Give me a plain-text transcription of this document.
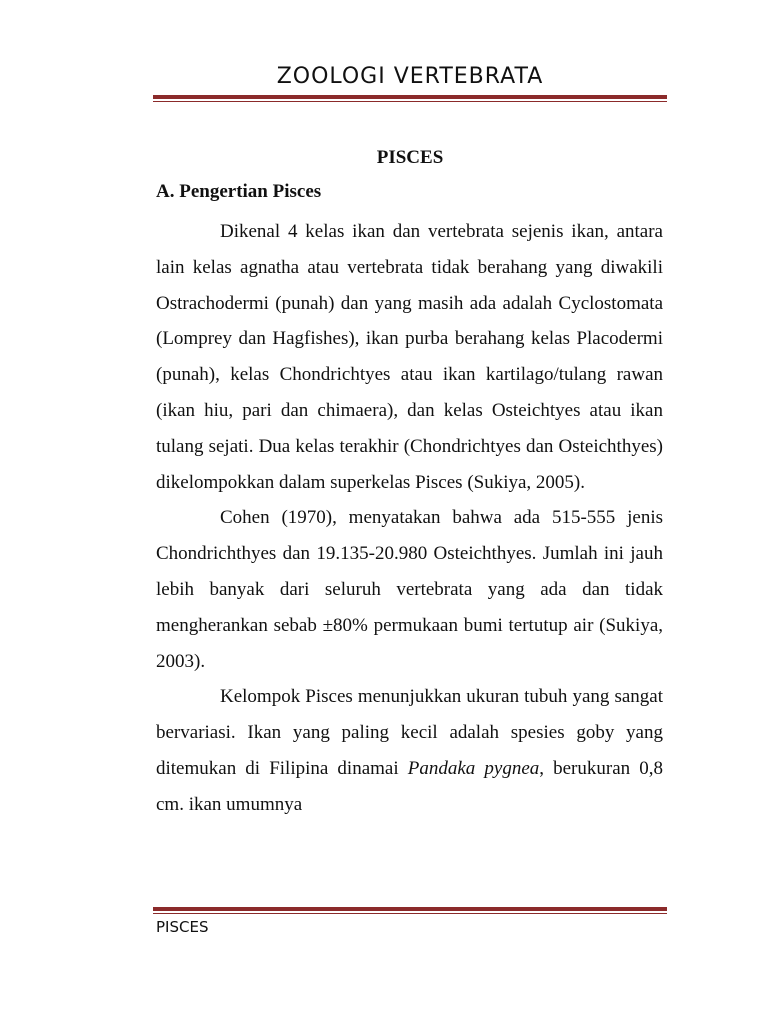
ZOOLOGI VERTEBRATA
PISCES
A. Pengertian Pisces

Dikenal 4 kelas ikan dan vertebrata sejenis ikan, antara lain kelas agnatha atau vertebrata tidak berahang yang diwakili Ostrachodermi (punah) dan yang masih ada adalah Cyclostomata (Lomprey dan Hagfishes), ikan purba berahang kelas Placodermi (punah), kelas Chondrichtyes atau ikan kartilago/tulang rawan (ikan hiu, pari dan chimaera), dan kelas Osteichtyes atau ikan tulang sejati. Dua kelas terakhir (Chondrichtyes dan Osteichthyes) dikelompokkan dalam superkelas Pisces (Sukiya, 2005).

Cohen (1970), menyatakan bahwa ada 515-555 jenis Chondrichthyes dan 19.135-20.980 Osteichthyes. Jumlah ini jauh lebih banyak dari seluruh vertebrata yang ada dan tidak mengherankan sebab ±80% permukaan bumi tertutup air (Sukiya, 2003).

Kelompok Pisces menunjukkan ukuran tubuh yang sangat bervariasi. Ikan yang paling kecil adalah spesies goby yang ditemukan di Filipina dinamai Pandaka pygnea, berukuran 0,8 cm. ikan umumnya

PISCES
